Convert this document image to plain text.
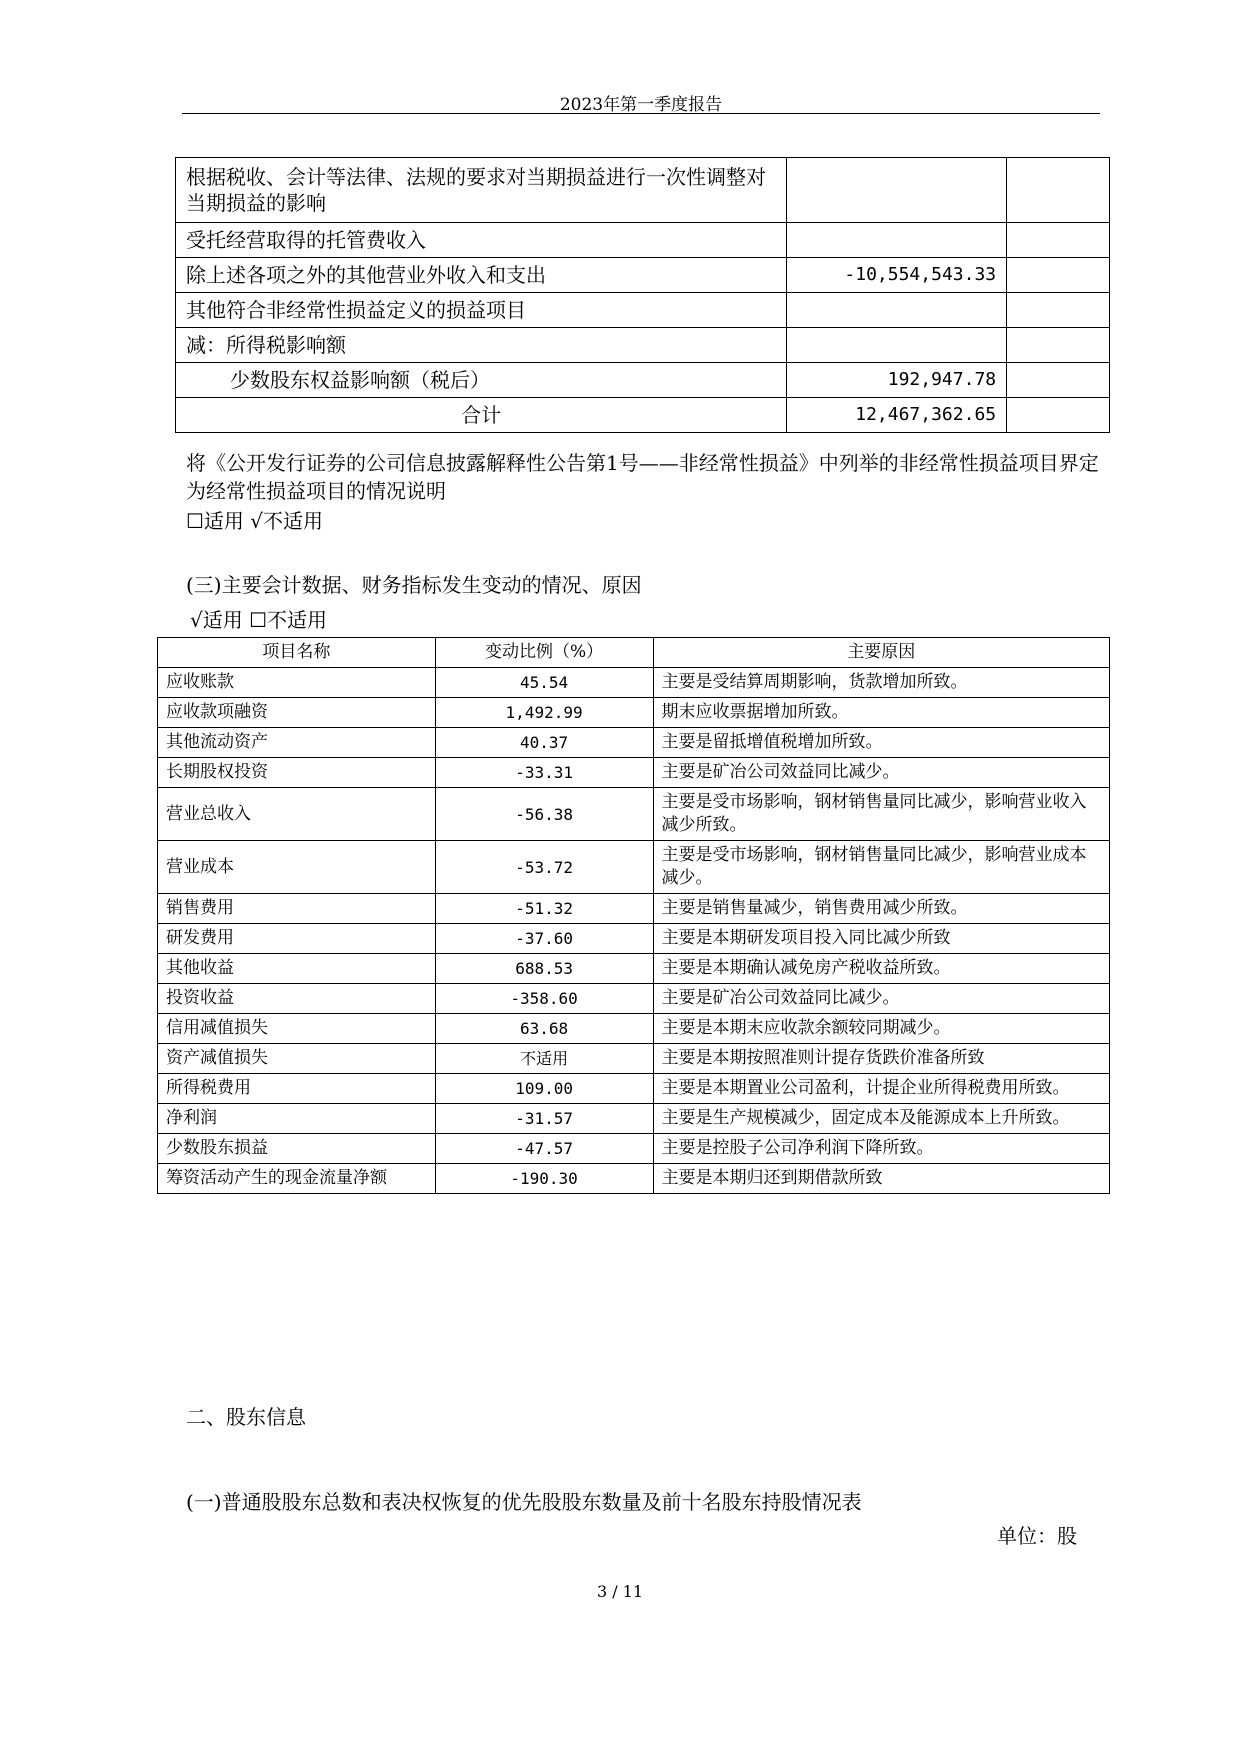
2023年第一季度报告
根据税收、会计等法律、法规的要求对当期损益进行一次性调整对当期损益的影响		
受托经营取得的托管费收入		
除上述各项之外的其他营业外收入和支出	-10,554,543.33	
其他符合非经常性损益定义的损益项目		
减：所得税影响额		
少数股东权益影响额（税后）	192,947.78	
合计	12,467,362.65	
将《公开发行证券的公司信息披露解释性公告第1号——非经常性损益》中列举的非经常性损益项目界定为经常性损益项目的情况说明
☐适用 √不适用
(三)主要会计数据、财务指标发生变动的情况、原因
√适用 ☐不适用
项目名称	变动比例（%）	主要原因
应收账款	45.54	主要是受结算周期影响，货款增加所致。
应收款项融资	1,492.99	期末应收票据增加所致。
其他流动资产	40.37	主要是留抵增值税增加所致。
长期股权投资	-33.31	主要是矿冶公司效益同比减少。
营业总收入	-56.38	主要是受市场影响，钢材销售量同比减少，影响营业收入减少所致。
营业成本	-53.72	主要是受市场影响，钢材销售量同比减少，影响营业成本减少。
销售费用	-51.32	主要是销售量减少，销售费用减少所致。
研发费用	-37.60	主要是本期研发项目投入同比减少所致
其他收益	688.53	主要是本期确认减免房产税收益所致。
投资收益	-358.60	主要是矿冶公司效益同比减少。
信用减值损失	63.68	主要是本期末应收款余额较同期减少。
资产减值损失	不适用	主要是本期按照准则计提存货跌价准备所致
所得税费用	109.00	主要是本期置业公司盈利，计提企业所得税费用所致。
净利润	-31.57	主要是生产规模减少，固定成本及能源成本上升所致。
少数股东损益	-47.57	主要是控股子公司净利润下降所致。
筹资活动产生的现金流量净额	-190.30	主要是本期归还到期借款所致
二、股东信息
(一)普通股股东总数和表决权恢复的优先股股东数量及前十名股东持股情况表
单位：股
3 / 11
